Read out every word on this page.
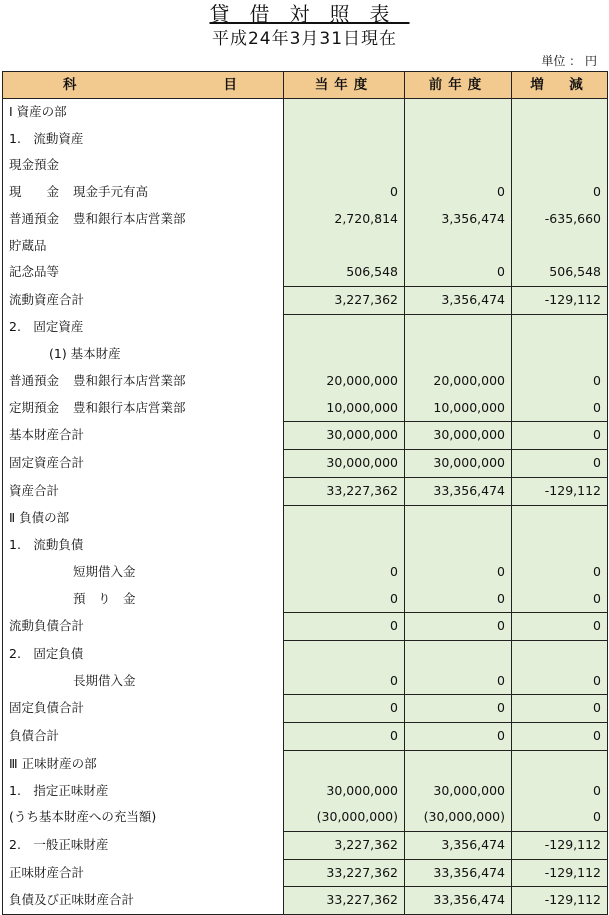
貸借対照表
平成24年3月31日現在
単位 ： 円
科 目	当年度	前年度	増　減
Ⅰ 資産の部			
1.　流動資産			
現金預金			
現　　金 現金手元有高	0	0	0
普通預金 豊和銀行本店営業部	2,720,814	3,356,474	-635,660
貯蔵品			
記念品等	506,548	0	506,548
流動資産合計	3,227,362	3,356,474	-129,112
2.　固定資産			
(1) 基本財産			
普通預金 豊和銀行本店営業部	20,000,000	20,000,000	0
定期預金 豊和銀行本店営業部	10,000,000	10,000,000	0
基本財産合計	30,000,000	30,000,000	0
固定資産合計	30,000,000	30,000,000	0
資産合計	33,227,362	33,356,474	-129,112
Ⅱ 負債の部			
1.　流動負債			
短期借入金	0	0	0
預　り　金	0	0	0
流動負債合計	0	0	0
2.　固定負債			
長期借入金	0	0	0
固定負債合計	0	0	0
負債合計	0	0	0
Ⅲ 正味財産の部			
1.　指定正味財産	30,000,000	30,000,000	0
(うち基本財産への充当額)	(30,000,000)	(30,000,000)	0
2.　一般正味財産	3,227,362	3,356,474	-129,112
正味財産合計	33,227,362	33,356,474	-129,112
負債及び正味財産合計	33,227,362	33,356,474	-129,112
